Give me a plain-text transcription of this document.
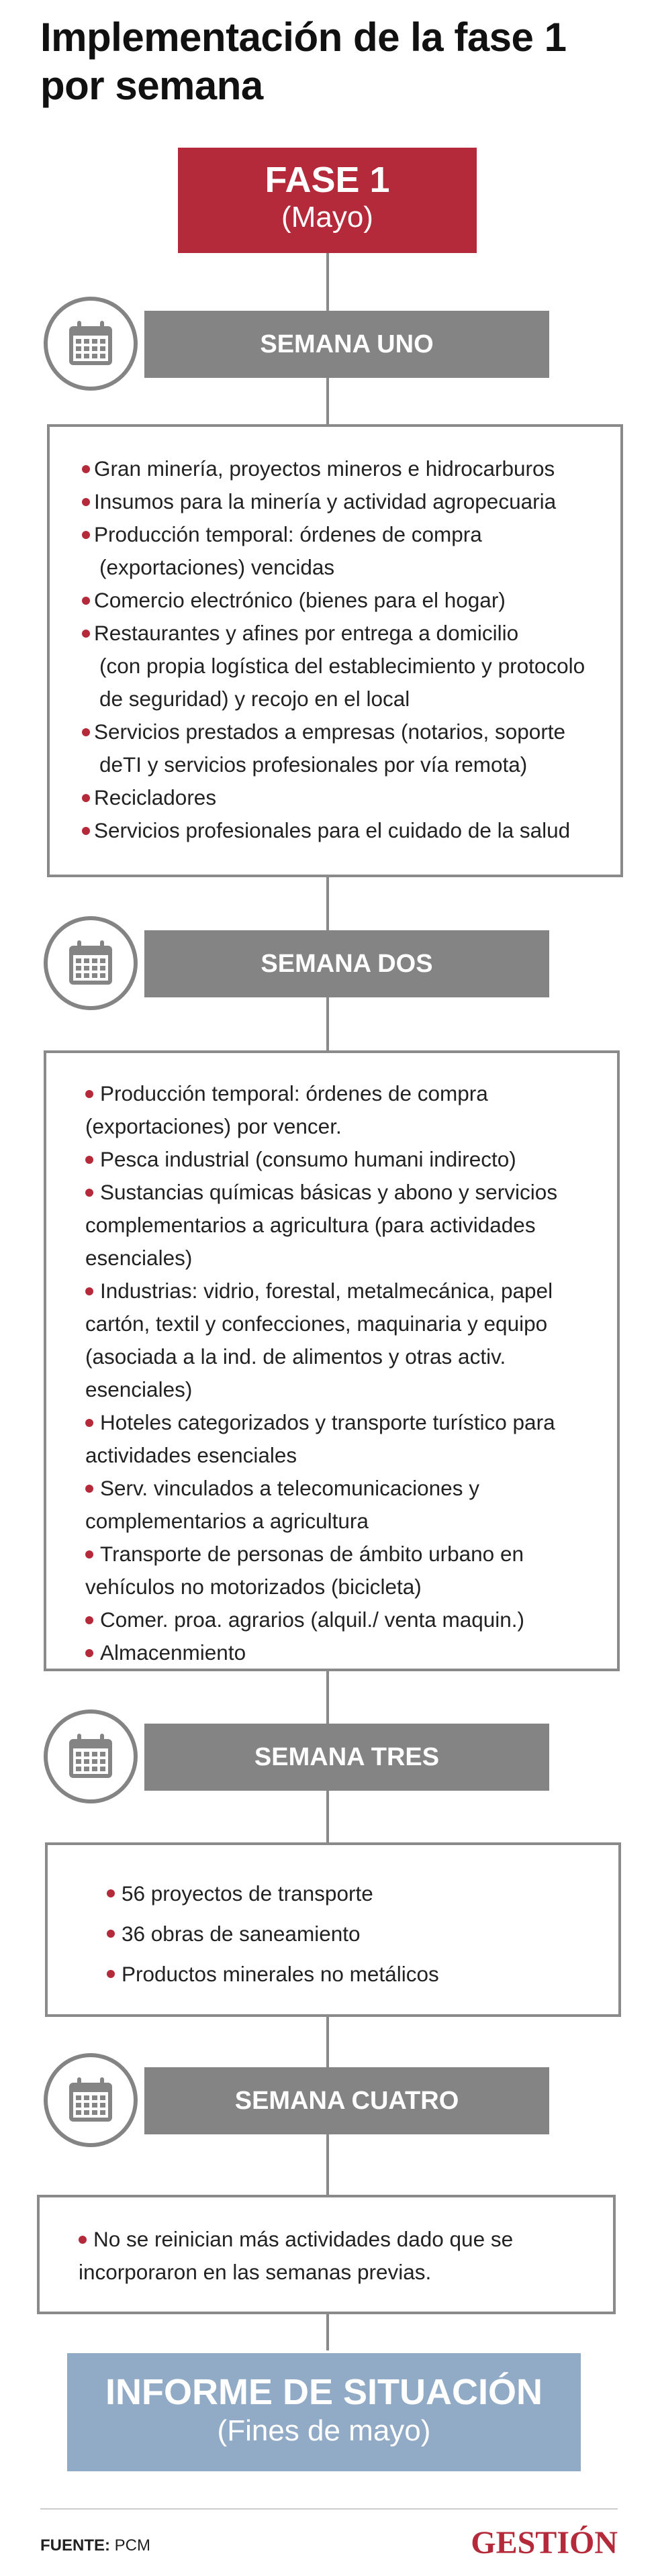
Implementación de la fase 1 por semana
FASE 1
(Mayo)
SEMANA UNO
Gran minería, proyectos mineros e hidrocarburos
Insumos para la minería y actividad agropecuaria
Producción temporal: órdenes de compra
(exportaciones) vencidas
Comercio electrónico (bienes para el hogar)
Restaurantes y afines por entrega a domicilio
(con propia logística del establecimiento y protocolo
de seguridad) y recojo en el local
Servicios prestados a empresas (notarios, soporte
deTI y servicios profesionales por vía remota)
Recicladores
Servicios profesionales para el cuidado de la salud
SEMANA DOS
Producción temporal: órdenes de compra
(exportaciones) por vencer.
Pesca industrial (consumo humani indirecto)
Sustancias químicas básicas y abono y servicios
complementarios a agricultura (para actividades
esenciales)
Industrias: vidrio, forestal, metalmecánica, papel
cartón, textil y confecciones, maquinaria y equipo
(asociada a la ind. de alimentos y otras activ. esenciales)
Hoteles categorizados y transporte turístico para
actividades esenciales
Serv. vinculados a telecomunicaciones y
complementarios a agricultura
Transporte de personas de ámbito urbano en
vehículos no motorizados (bicicleta)
Comer. proa. agrarios (alquil./ venta maquin.)
Almacenmiento
SEMANA TRES
56 proyectos de transporte
36 obras de saneamiento
Productos minerales no metálicos
SEMANA CUATRO
No se reinician más actividades dado que se
incorporaron en las semanas previas.
INFORME DE SITUACIÓN
(Fines de mayo)
FUENTE: PCM	GESTIÓN
